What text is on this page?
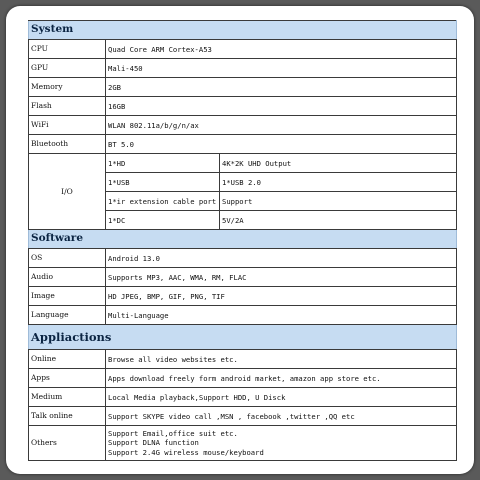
System		
CPU	Quad Core ARM Cortex-A53	
GPU	Mali-450	
Memory	2GB	
Flash	16GB	
WiFi	WLAN 802.11a/b/g/n/ax	
Bluetooth	BT 5.0	
I/O	1*HD	4K*2K UHD Output
	1*USB	1*USB 2.0
	1*ir extension cable port	Support
	1*DC	5V/2A
Software		
OS	Android 13.0	
Audio	Supports MP3, AAC, WMA, RM, FLAC	
Image	HD JPEG, BMP, GIF, PNG, TIF	
Language	Multi-Language	
Appliactions		
Online	Browse all video websites etc.	
Apps	Apps download freely form android market, amazon app store etc.	
Medium	Local Media playback,Support HDD, U Disck	
Talk online	Support SKYPE video call ,MSN , facebook ,twitter ,QQ etc	
Others	Support Email,office suit etc.
Support DLNA function
Support 2.4G wireless mouse/keyboard	
